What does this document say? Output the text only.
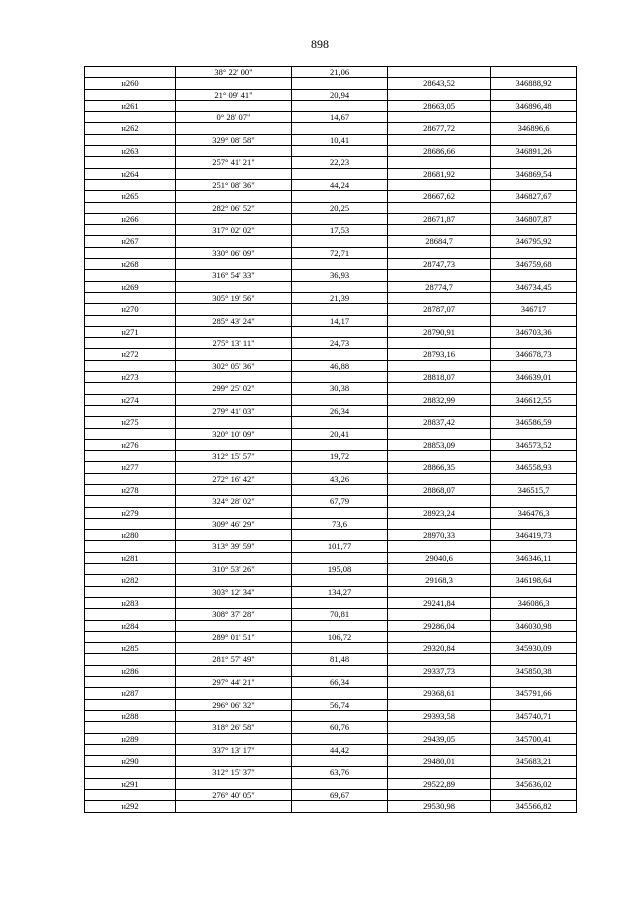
898
	38° 22' 00"	21,06		
н260			28643,52	346888,92
	21° 09' 41"	20,94		
н261			28663,05	346896,48
	0° 28' 07"	14,67		
н262			28677,72	346896,6
	329° 08' 58"	10,41		
н263			28686,66	346891,26
	257° 41' 21"	22,23		
н264			28681,92	346869,54
	251° 08' 36"	44,24		
н265			28667,62	346827,67
	282° 06' 52"	20,25		
н266			28671,87	346807,87
	317° 02' 02"	17,53		
н267			28684,7	346795,92
	330° 06' 09"	72,71		
н268			28747,73	346759,68
	316° 54' 33"	36,93		
н269			28774,7	346734,45
	305° 19' 56"	21,39		
н270			28787,07	346717
	285° 43' 24"	14,17		
н271			28790,91	346703,36
	275° 13' 11"	24,73		
н272			28793,16	346678,73
	302° 05' 36"	46,88		
н273			28818,07	346639,01
	299° 25' 02"	30,38		
н274			28832,99	346612,55
	279° 41' 03"	26,34		
н275			28837,42	346586,59
	320° 10' 09"	20,41		
н276			28853,09	346573,52
	312° 15' 57"	19,72		
н277			28866,35	346558,93
	272° 16' 42"	43,26		
н278			28868,07	346515,7
	324° 28' 02"	67,79		
н279			28923,24	346476,3
	309° 46' 29"	73,6		
н280			28970,33	346419,73
	313° 39' 59"	101,77		
н281			29040,6	346346,11
	310° 53' 26"	195,08		
н282			29168,3	346198,64
	303° 12' 34"	134,27		
н283			29241,84	346086,3
	308° 37' 28"	70,81		
н284			29286,04	346030,98
	289° 01' 51"	106,72		
н285			29320,84	345930,09
	281° 57' 49"	81,48		
н286			29337,73	345850,38
	297° 44' 21"	66,34		
н287			29368,61	345791,66
	296° 06' 32"	56,74		
н288			29393,58	345740,71
	318° 26' 58"	60,76		
н289			29439,05	345700,41
	337° 13' 17"	44,42		
н290			29480,01	345683,21
	312° 15' 37"	63,76		
н291			29522,89	345636,02
	276° 40' 05"	69,67		
н292			29530,98	345566,82
